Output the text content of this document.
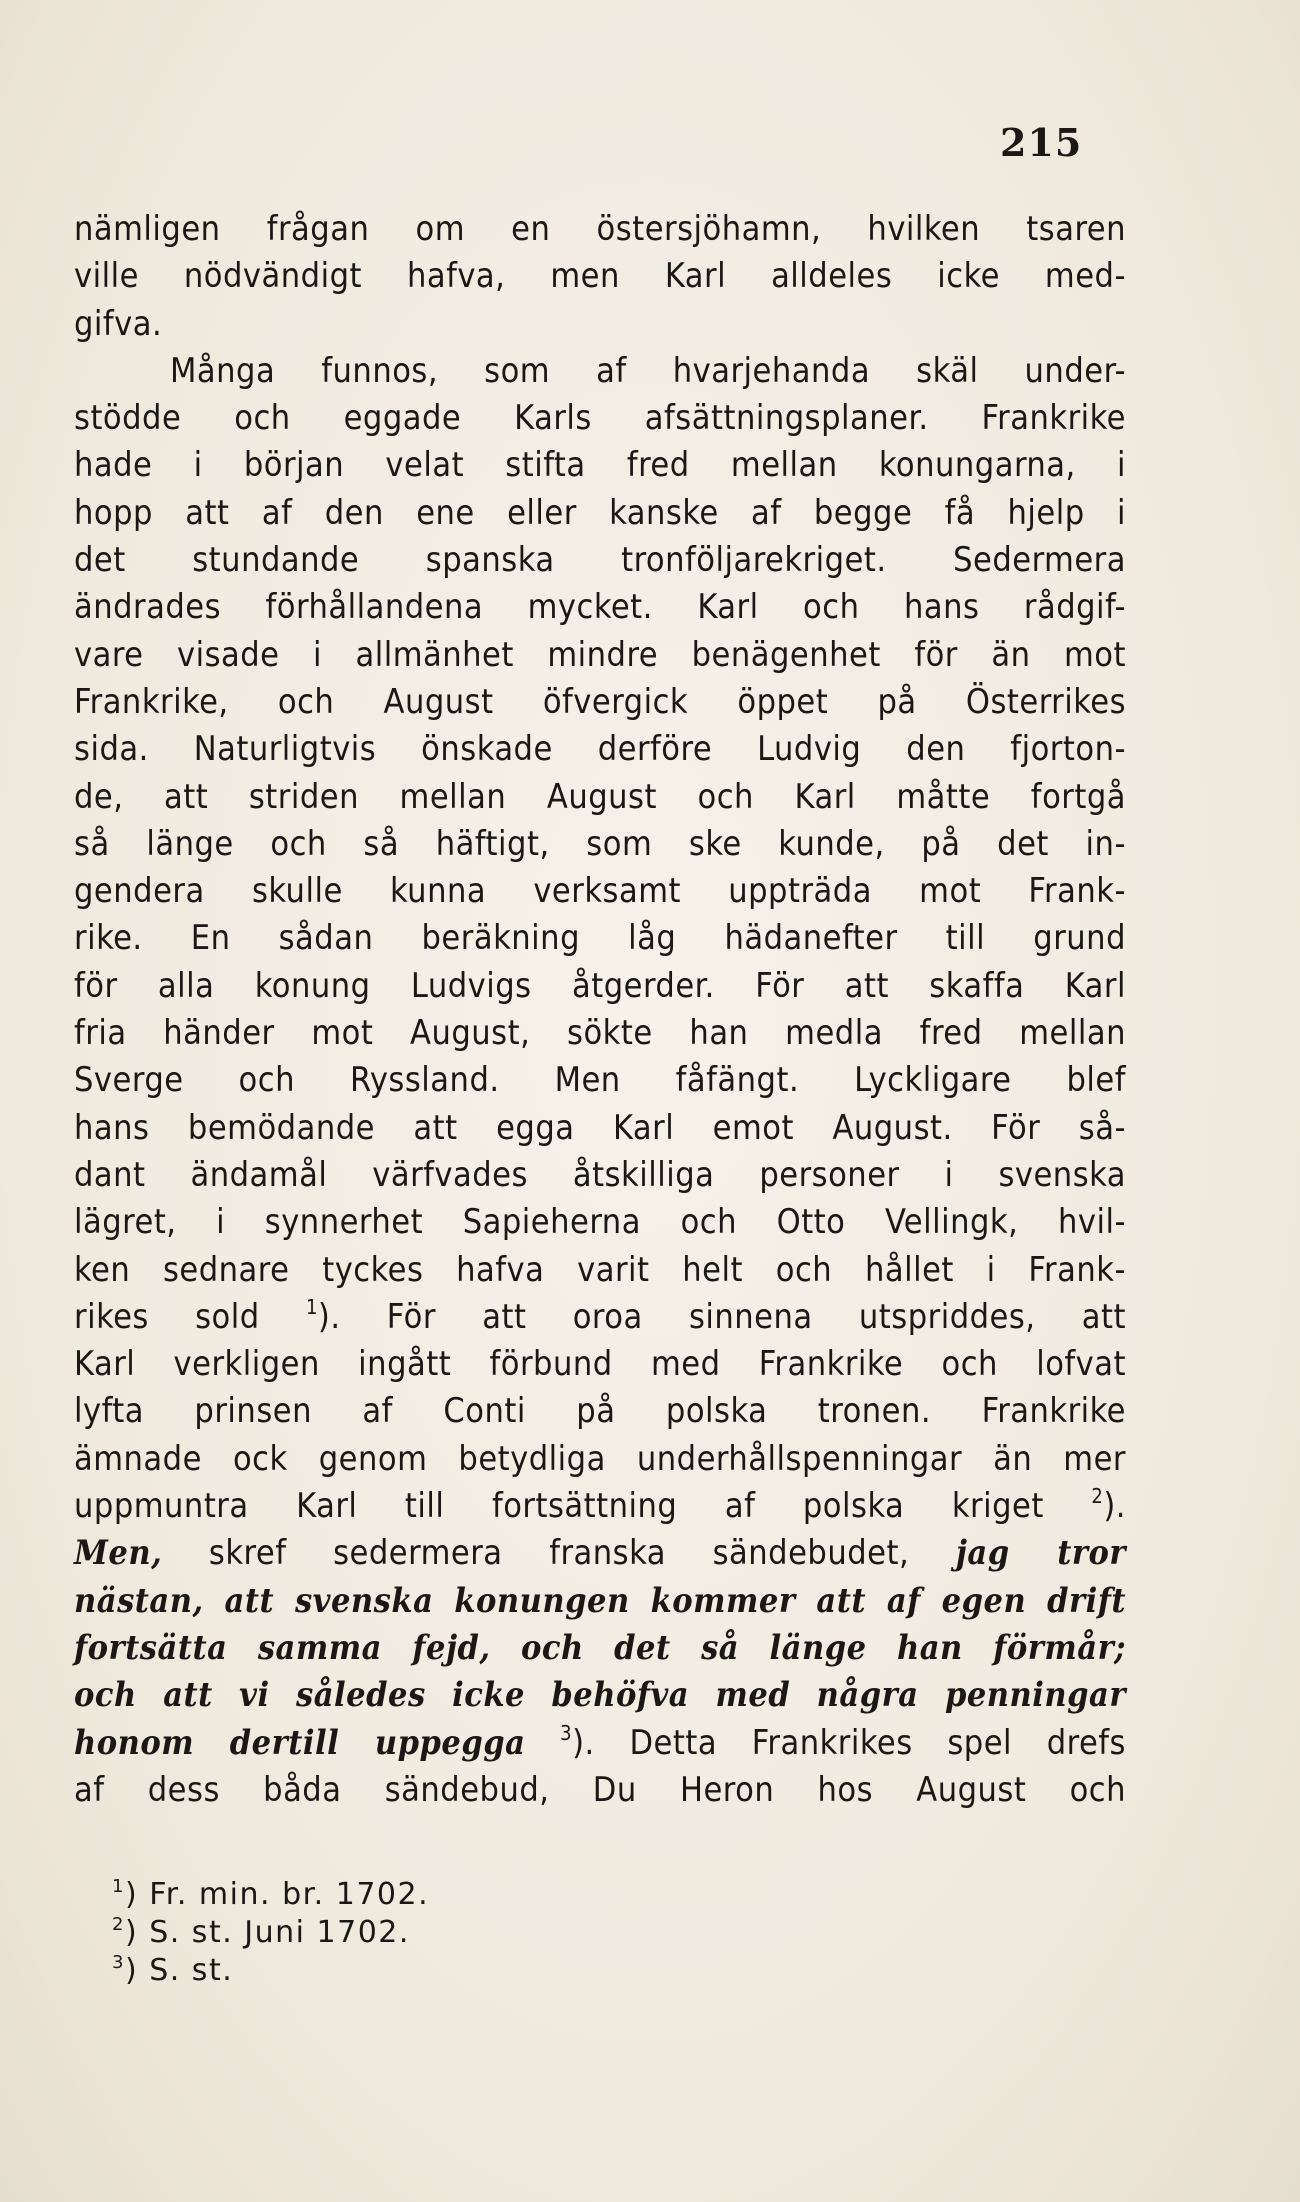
215
nämligen frågan om en östersjöhamn, hvilken tsaren
ville nödvändigt hafva, men Karl alldeles icke med-
gifva.
Många funnos, som af hvarjehanda skäl under-
stödde och eggade Karls afsättningsplaner. Frankrike
hade i början velat stifta fred mellan konungarna, i
hopp att af den ene eller kanske af begge få hjelp i
det stundande spanska tronföljarekriget. Sedermera
ändrades förhållandena mycket. Karl och hans rådgif-
vare visade i allmänhet mindre benägenhet för än mot
Frankrike, och August öfvergick öppet på Österrikes
sida. Naturligtvis önskade derföre Ludvig den fjorton-
de, att striden mellan August och Karl måtte fortgå
så länge och så häftigt, som ske kunde, på det in-
gendera skulle kunna verksamt uppträda mot Frank-
rike. En sådan beräkning låg hädanefter till grund
för alla konung Ludvigs åtgerder. För att skaffa Karl
fria händer mot August, sökte han medla fred mellan
Sverge och Ryssland. Men fåfängt. Lyckligare blef
hans bemödande att egga Karl emot August. För så-
dant ändamål värfvades åtskilliga personer i svenska
lägret, i synnerhet Sapieherna och Otto Vellingk, hvil-
ken sednare tyckes hafva varit helt och hållet i Frank-
rikes sold $^1$). För att oroa sinnena utspriddes, att
Karl verkligen ingått förbund med Frankrike och lofvat
lyfta prinsen af Conti på polska tronen. Frankrike
ämnade ock genom betydliga underhållspenningar än mer
uppmuntra Karl till fortsättning af polska kriget $^2$).
Men, skref sedermera franska sändebudet, jag tror
nästan, att svenska konungen kommer att af egen drift
fortsätta samma fejd, och det så länge han förmår;
och att vi således icke behöfva med några penningar
honom dertill uppegga $^3$). Detta Frankrikes spel drefs
af dess båda sändebud, Du Heron hos August och
$^1$) Fr. min. br. 1702.
$^2$) S. st. Juni 1702.
$^3$) S. st.
